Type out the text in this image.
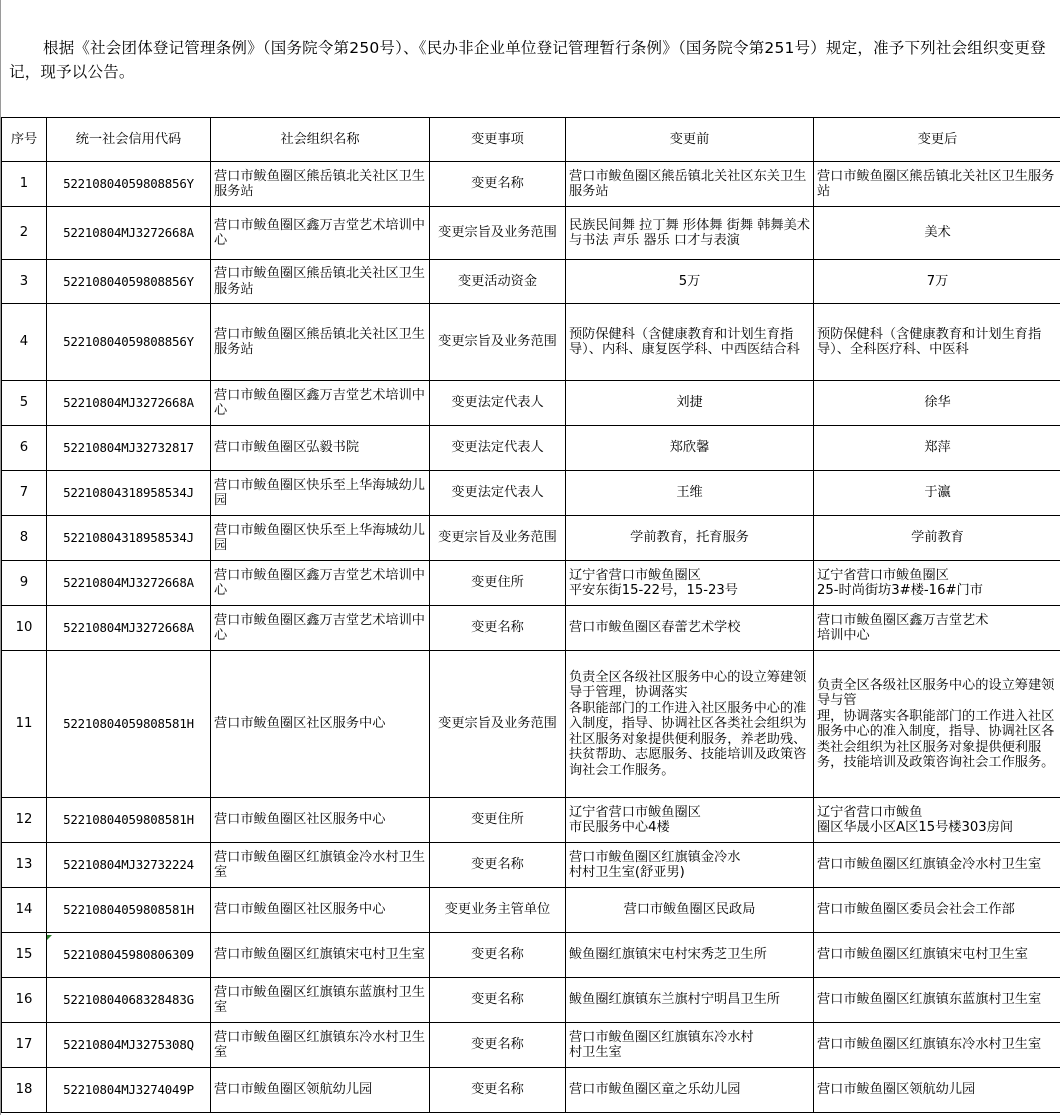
根据《社会团体登记管理条例》（国务院令第250号）、《民办非企业单位登记管理暂行条例》（国务院令第251号）规定，准予下列社会组织变更登记，现予以公告。
序号	统一社会信用代码	社会组织名称	变更事项	变更前	变更后
1	52210804059808856Y	营口市鲅鱼圈区熊岳镇北关社区卫生服务站	变更名称	营口市鲅鱼圈区熊岳镇北关社区东关卫生服务站	营口市鲅鱼圈区熊岳镇北关社区卫生服务站
2	52210804MJ3272668A	营口市鲅鱼圈区鑫万吉堂艺术培训中心	变更宗旨及业务范围	民族民间舞 拉丁舞 形体舞 街舞 韩舞美术与书法 声乐 器乐 口才与表演	美术
3	52210804059808856Y	营口市鲅鱼圈区熊岳镇北关社区卫生服务站	变更活动资金	5万	7万
4	52210804059808856Y	营口市鲅鱼圈区熊岳镇北关社区卫生服务站	变更宗旨及业务范围	预防保健科（含健康教育和计划生育指导）、内科、康复医学科、中西医结合科	预防保健科（含健康教育和计划生育指导）、全科医疗科、中医科
5	52210804MJ3272668A	营口市鲅鱼圈区鑫万吉堂艺术培训中心	变更法定代表人	刘捷	徐华
6	52210804MJ32732817	营口市鲅鱼圈区弘毅书院	变更法定代表人	郑欣馨	郑萍
7	52210804318958534J	营口市鲅鱼圈区快乐至上华海城幼儿园	变更法定代表人	王维	于瀛
8	52210804318958534J	营口市鲅鱼圈区快乐至上华海城幼儿园	变更宗旨及业务范围	学前教育，托育服务	学前教育
9	52210804MJ3272668A	营口市鲅鱼圈区鑫万吉堂艺术培训中心	变更住所	辽宁省营口市鲅鱼圈区
平安东街15-22号，15-23号	辽宁省营口市鲅鱼圈区
25-时尚街坊3#楼-16#门市
10	52210804MJ3272668A	营口市鲅鱼圈区鑫万吉堂艺术培训中心	变更名称	营口市鲅鱼圈区春蕾艺术学校	营口市鲅鱼圈区鑫万吉堂艺术
培训中心
11	52210804059808581H	营口市鲅鱼圈区社区服务中心	变更宗旨及业务范围	负责全区各级社区服务中心的设立筹建领导于管理，协调落实
各职能部门的工作进入社区服务中心的准入制度，指导、协调社区各类社会组织为社区服务对象提供便利服务，养老助残、扶贫帮助、志愿服务、技能培训及政策咨询社会工作服务。	负责全区各级社区服务中心的设立筹建领导与管
理，协调落实各职能部门的工作进入社区服务中心的准入制度，指导、协调社区各类社会组织为社区服务对象提供便利服务，技能培训及政策咨询社会工作服务。
12	52210804059808581H	营口市鲅鱼圈区社区服务中心	变更住所	辽宁省营口市鲅鱼圈区
市民服务中心4楼	辽宁省营口市鲅鱼
圈区华晟小区A区15号楼303房间
13	52210804MJ32732224	营口市鲅鱼圈区红旗镇金冷水村卫生室	变更名称	营口市鲅鱼圈区红旗镇金冷水
村村卫生室(舒亚男)	营口市鲅鱼圈区红旗镇金冷水村卫生室
14	52210804059808581H	营口市鲅鱼圈区社区服务中心	变更业务主管单位	营口市鲅鱼圈区民政局	营口市鲅鱼圈区委员会社会工作部
15	522108045980806309	营口市鲅鱼圈区红旗镇宋屯村卫生室	变更名称	鲅鱼圈红旗镇宋屯村宋秀芝卫生所	营口市鲅鱼圈区红旗镇宋屯村卫生室
16	52210804068328483G	营口市鲅鱼圈区红旗镇东蓝旗村卫生室	变更名称	鲅鱼圈红旗镇东兰旗村宁明昌卫生所	营口市鲅鱼圈区红旗镇东蓝旗村卫生室
17	52210804MJ3275308Q	营口市鲅鱼圈区红旗镇东冷水村卫生室	变更名称	营口市鲅鱼圈区红旗镇东冷水村
村卫生室	营口市鲅鱼圈区红旗镇东冷水村卫生室
18	52210804MJ3274049P	营口市鲅鱼圈区领航幼儿园	变更名称	营口市鲅鱼圈区童之乐幼儿园	营口市鲅鱼圈区领航幼儿园
